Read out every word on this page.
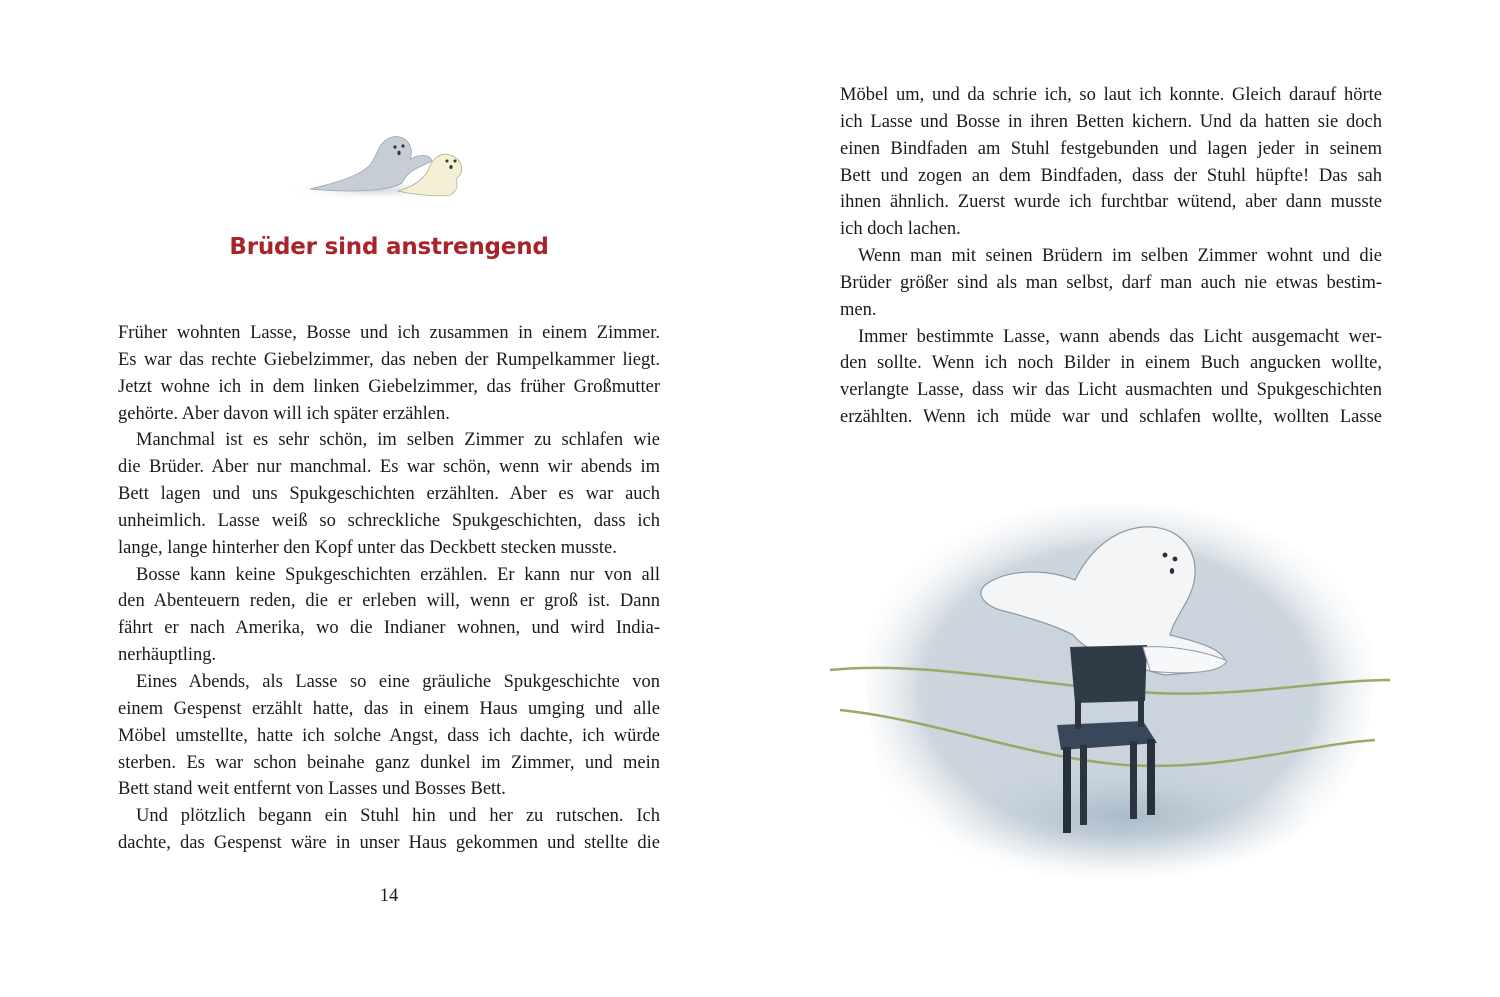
Brüder sind anstrengend
Früher wohnten Lasse, Bosse und ich zusammen in einem Zimmer.
Es war das rechte Giebelzimmer, das neben der Rumpelkammer liegt.
Jetzt wohne ich in dem linken Giebelzimmer, das früher Großmutter
gehörte. Aber davon will ich später erzählen.
Manchmal ist es sehr schön, im selben Zimmer zu schlafen wie
die Brüder. Aber nur manchmal. Es war schön, wenn wir abends im
Bett lagen und uns Spukgeschichten erzählten. Aber es war auch
unheimlich. Lasse weiß so schreckliche Spukgeschichten, dass ich
lange, lange hinterher den Kopf unter das Deckbett stecken musste.
Bosse kann keine Spukgeschichten erzählen. Er kann nur von all
den Abenteuern reden, die er erleben will, wenn er groß ist. Dann
fährt er nach Amerika, wo die Indianer wohnen, und wird India-
nerhäuptling.
Eines Abends, als Lasse so eine gräuliche Spukgeschichte von
einem Gespenst erzählt hatte, das in einem Haus umging und alle
Möbel umstellte, hatte ich solche Angst, dass ich dachte, ich würde
sterben. Es war schon beinahe ganz dunkel im Zimmer, und mein
Bett stand weit entfernt von Lasses und Bosses Bett.
Und plötzlich begann ein Stuhl hin und her zu rutschen. Ich
dachte, das Gespenst wäre in unser Haus gekommen und stellte die
14
Möbel um, und da schrie ich, so laut ich konnte. Gleich darauf hörte
ich Lasse und Bosse in ihren Betten kichern. Und da hatten sie doch
einen Bindfaden am Stuhl festgebunden und lagen jeder in seinem
Bett und zogen an dem Bindfaden, dass der Stuhl hüpfte! Das sah
ihnen ähnlich. Zuerst wurde ich furchtbar wütend, aber dann musste
ich doch lachen.
Wenn man mit seinen Brüdern im selben Zimmer wohnt und die
Brüder größer sind als man selbst, darf man auch nie etwas bestim-
men.
Immer bestimmte Lasse, wann abends das Licht ausgemacht wer-
den sollte. Wenn ich noch Bilder in einem Buch angucken wollte,
verlangte Lasse, dass wir das Licht ausmachten und Spukgeschichten
erzählten. Wenn ich müde war und schlafen wollte, wollten Lasse
